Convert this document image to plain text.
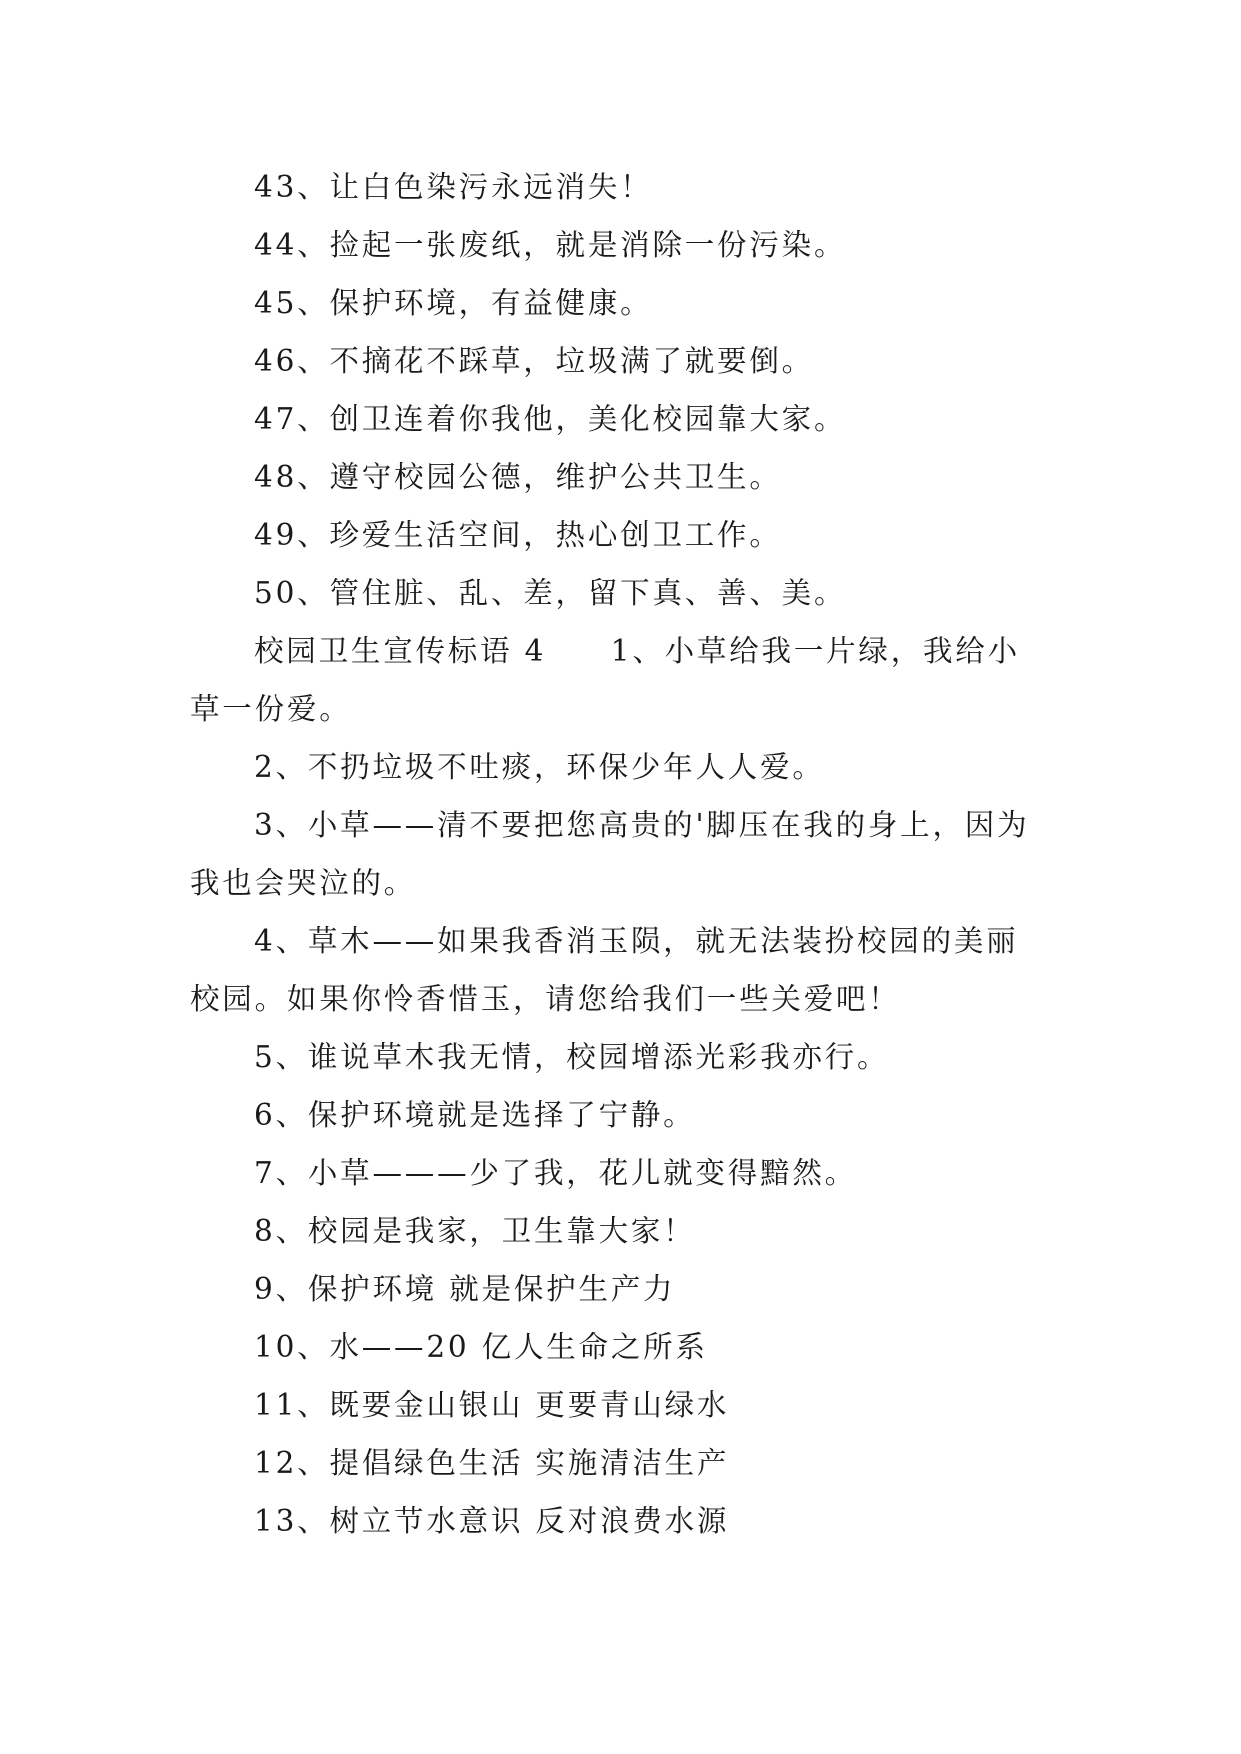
43、让白色染污永远消失！

44、捡起一张废纸，就是消除一份污染。

45、保护环境，有益健康。

46、不摘花不踩草，垃圾满了就要倒。

47、创卫连着你我他，美化校园靠大家。

48、遵守校园公德，维护公共卫生。

49、珍爱生活空间，热心创卫工作。

50、管住脏、乱、差，留下真、善、美。

校园卫生宣传标语 4　　1、小草给我一片绿，我给小草一份爱。

2、不扔垃圾不吐痰，环保少年人人爱。

3、小草——清不要把您高贵的'脚压在我的身上，因为我也会哭泣的。

4、草木——如果我香消玉陨，就无法装扮校园的美丽校园。如果你怜香惜玉，请您给我们一些关爱吧！

5、谁说草木我无情，校园增添光彩我亦行。

6、保护环境就是选择了宁静。

7、小草———少了我，花儿就变得黯然。

8、校园是我家，卫生靠大家！

9、保护环境 就是保护生产力

10、水——20 亿人生命之所系

11、既要金山银山 更要青山绿水

12、提倡绿色生活 实施清洁生产

13、树立节水意识 反对浪费水源
